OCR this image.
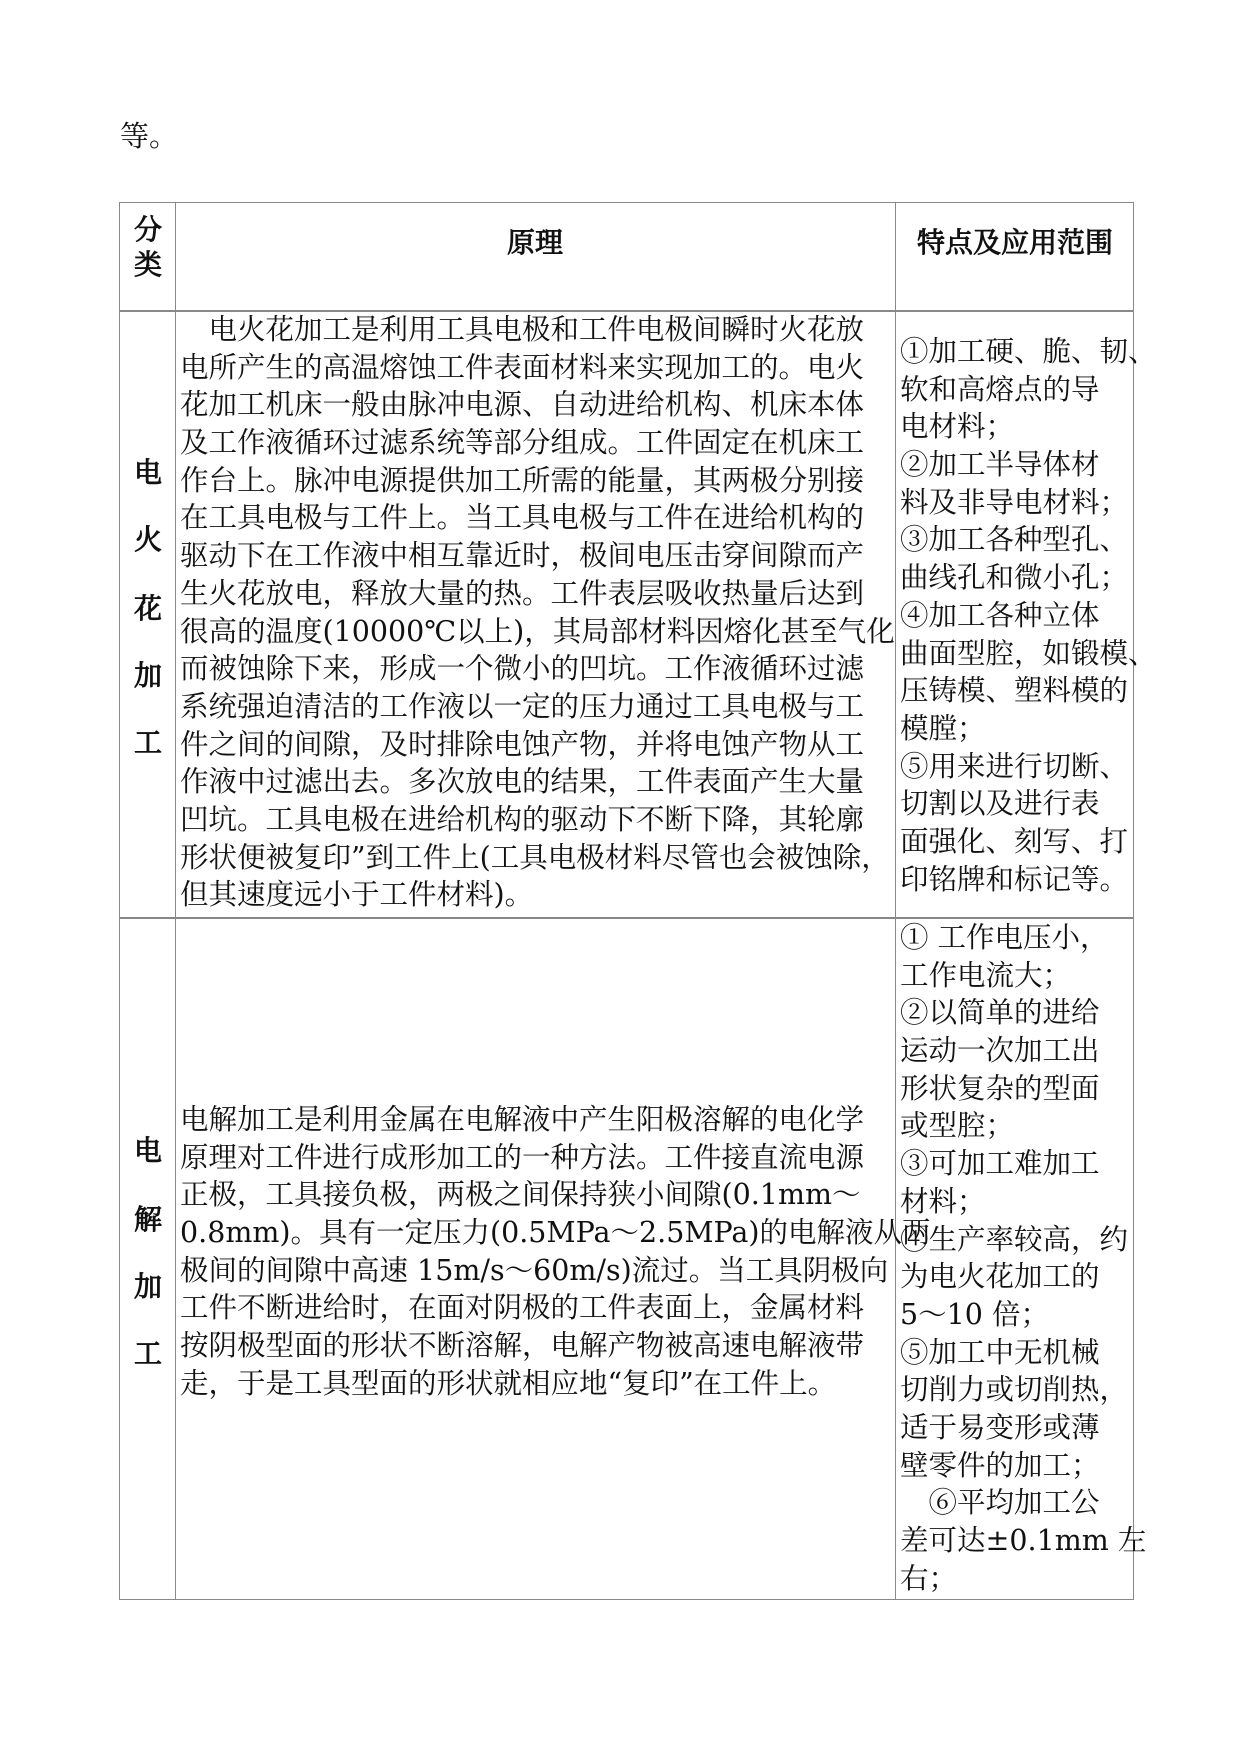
等。
分
类
原理	特点及应用范围
电
火
花
加
工
　电火花加工是利用工具电极和工件电极间瞬时火花放
电所产生的高温熔蚀工件表面材料来实现加工的。电火
花加工机床一般由脉冲电源、自动进给机构、机床本体
及工作液循环过滤系统等部分组成。工件固定在机床工
作台上。脉冲电源提供加工所需的能量，其两极分别接
在工具电极与工件上。当工具电极与工件在进给机构的
驱动下在工作液中相互靠近时，极间电压击穿间隙而产
生火花放电，释放大量的热。工件表层吸收热量后达到
很高的温度(10000℃以上)，其局部材料因熔化甚至气化
而被蚀除下来，形成一个微小的凹坑。工作液循环过滤
系统强迫清洁的工作液以一定的压力通过工具电极与工
件之间的间隙，及时排除电蚀产物，并将电蚀产物从工
作液中过滤出去。多次放电的结果，工件表面产生大量
凹坑。工具电极在进给机构的驱动下不断下降，其轮廓
形状便被复印”到工件上(工具电极材料尽管也会被蚀除，
但其速度远小于工件材料)。
①加工硬、脆、韧、
软和高熔点的导
电材料；
②加工半导体材
料及非导电材料；
③加工各种型孔、
曲线孔和微小孔；
④加工各种立体
曲面型腔，如锻模、
压铸模、塑料模的
模膛；
⑤用来进行切断、
切割以及进行表
面强化、刻写、打
印铭牌和标记等。
电
解
加
工
电解加工是利用金属在电解液中产生阳极溶解的电化学
原理对工件进行成形加工的一种方法。工件接直流电源
正极，工具接负极，两极之间保持狭小间隙(0.1mm～
0.8mm)。具有一定压力(0.5MPa～2.5MPa)的电解液从两
极间的间隙中高速 15m/s～60m/s)流过。当工具阴极向
工件不断进给时，在面对阴极的工件表面上，金属材料
按阴极型面的形状不断溶解，电解产物被高速电解液带
走，于是工具型面的形状就相应地“复印”在工件上。
① 工作电压小，
工作电流大；
②以简单的进给
运动一次加工出
形状复杂的型面
或型腔；
③可加工难加工
材料；
④生产率较高，约
为电火花加工的
5～10 倍；
⑤加工中无机械
切削力或切削热，
适于易变形或薄
壁零件的加工；
　⑥平均加工公
差可达±0.1mm 左
右；
